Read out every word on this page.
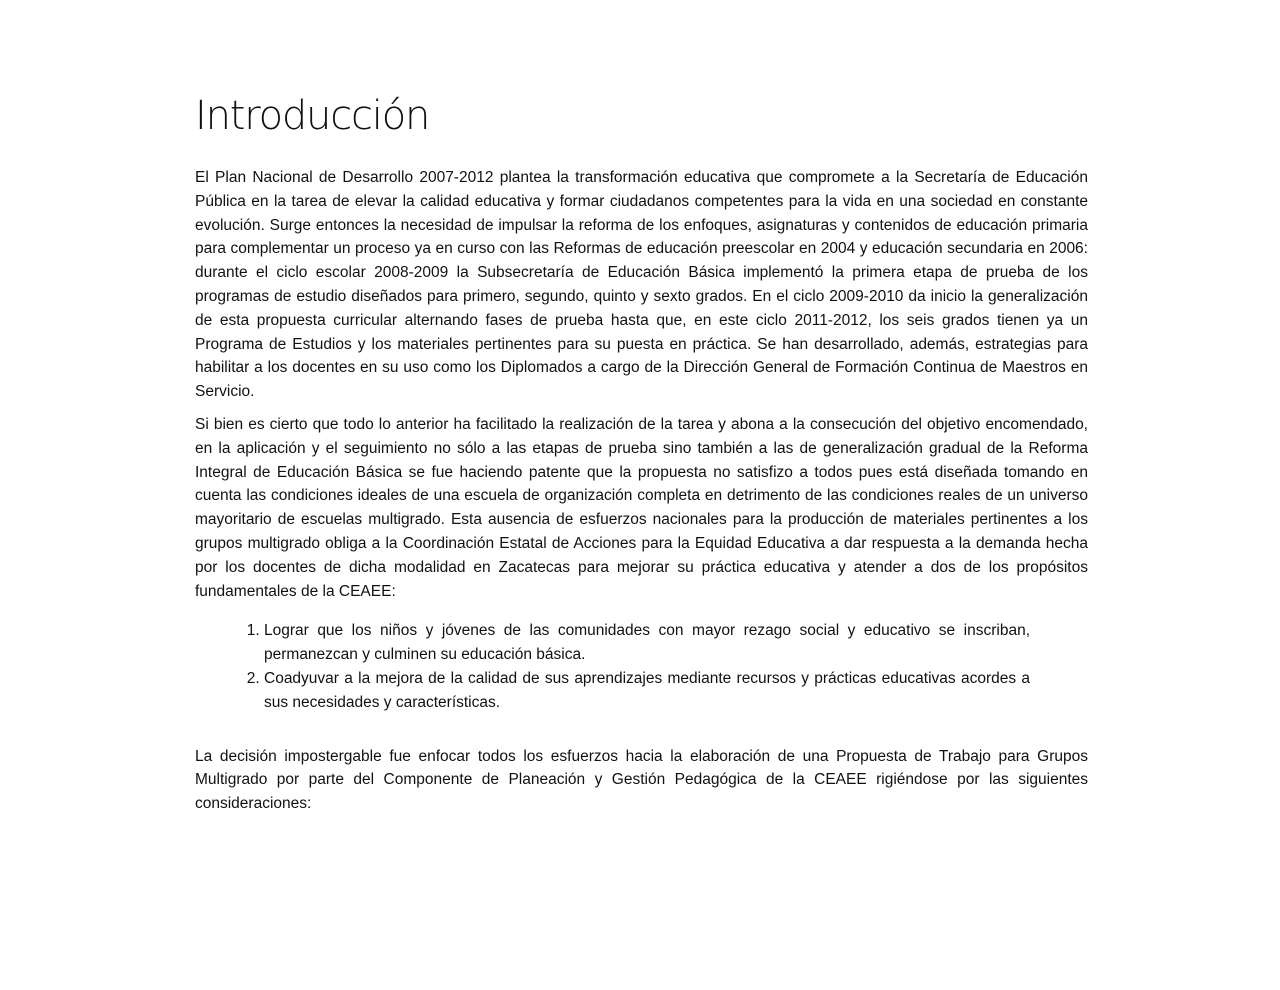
Introducción

El Plan Nacional de Desarrollo 2007-2012 plantea la transformación educativa que compromete a la Secretaría de Educación Pública en la tarea de elevar la calidad educativa y formar ciudadanos competentes para la vida en una sociedad en constante evolución. Surge entonces la necesidad de impulsar la reforma de los enfoques, asignaturas y contenidos de educación primaria para complementar un proceso ya en curso con las Reformas de educación preescolar en 2004 y educación secundaria en 2006: durante el ciclo escolar 2008-2009 la Subsecretaría de Educación Básica implementó la primera etapa de prueba de los programas de estudio diseñados para primero, segundo, quinto y sexto grados. En el ciclo 2009-2010 da inicio la generalización de esta propuesta curricular alternando fases de prueba hasta que, en este ciclo 2011-2012, los seis grados tienen ya un Programa de Estudios y los materiales pertinentes para su puesta en práctica. Se han desarrollado, además, estrategias para habilitar a los docentes en su uso como los Diplomados a cargo de la Dirección General de Formación Continua de Maestros en Servicio.

Si bien es cierto que todo lo anterior ha facilitado la realización de la tarea y abona a la consecución del objetivo encomendado, en la aplicación y el seguimiento no sólo a las etapas de prueba sino también a las de generalización gradual de la Reforma Integral de Educación Básica se fue haciendo patente que la propuesta no satisfizo a todos pues está diseñada tomando en cuenta las condiciones ideales de una escuela de organización completa en detrimento de las condiciones reales de un universo mayoritario de escuelas multigrado. Esta ausencia de esfuerzos nacionales para la producción de materiales pertinentes a los grupos multigrado obliga a la Coordinación Estatal de Acciones para la Equidad Educativa a dar respuesta a la demanda hecha por los docentes de dicha modalidad en Zacatecas para mejorar su práctica educativa y atender a dos de los propósitos fundamentales de la CEAEE:

1. Lograr que los niños y jóvenes de las comunidades con mayor rezago social y educativo se inscriban, permanezcan y culminen su educación básica.
2. Coadyuvar a la mejora de la calidad de sus aprendizajes mediante recursos y prácticas educativas acordes a sus necesidades y características.

La decisión impostergable fue enfocar todos los esfuerzos hacia la elaboración de una Propuesta de Trabajo para Grupos Multigrado por parte del Componente de Planeación y Gestión Pedagógica de la CEAEE rigiéndose por las siguientes consideraciones:
